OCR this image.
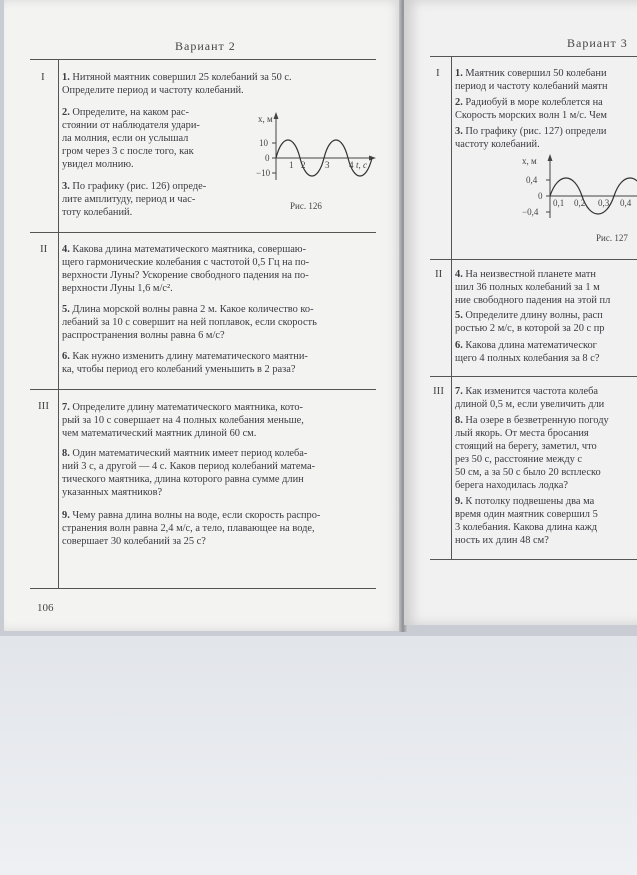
Вариант 2
I 1. Нитяной маятник совершил 25 колебаний за 50 с.
Определите период и частоту колебаний.
2. Определите, на каком рас-
стоянии от наблюдателя удари-
ла молния, если он услышал
гром через 3 с после того, как
увидел молнию.
3. По графику (рис. 126) опреде-
лите амплитуду, период и час-
тоту колебаний.
x, м
10
0
−10
1 2 3 4 t, с
Рис. 126
II 4. Какова длина математического маятника, совершаю-
щего гармонические колебания с частотой 0,5 Гц на по-
верхности Луны? Ускорение свободного падения на по-
верхности Луны 1,6 м/с².
5. Длина морской волны равна 2 м. Какое количество ко-
лебаний за 10 с совершит на ней поплавок, если скорость
распространения волны равна 6 м/с?
6. Как нужно изменить длину математического маятни-
ка, чтобы период его колебаний уменьшить в 2 раза?
III 7. Определите длину математического маятника, кото-
рый за 10 с совершает на 4 полных колебания меньше,
чем математический маятник длиной 60 см.
8. Один математический маятник имеет период колеба-
ний 3 с, а другой — 4 с. Каков период колебаний матема-
тического маятника, длина которого равна сумме длин
указанных маятников?
9. Чему равна длина волны на воде, если скорость распро-
странения волн равна 2,4 м/с, а тело, плавающее на воде,
совершает 30 колебаний за 25 с?
106
Вариант 3
I 1. Маятник совершил 50 колебани
период и частоту колебаний маятн
2. Радиобуй в море колеблется на
Скорость морских волн 1 м/с. Чем
3. По графику (рис. 127) определи
частоту колебаний.
x, м
0,4
0
−0,4
0,1 0,2 0,3 0,4
Рис. 127
II 4. На неизвестной планете матн
шил 36 полных колебаний за 1 м
ние свободного падения на этой пл
5. Определите длину волны, расп
ростью 2 м/с, в которой за 20 с пр
6. Какова длина математическог
щего 4 полных колебания за 8 с?
III 7. Как изменится частота колеба
длиной 0,5 м, если увеличить дли
8. На озере в безветренную погоду
лый якорь. От места бросания
стоящий на берегу, заметил, что
рез 50 с, расстояние между с
50 см, а за 50 с было 20 всплеско
берега находилась лодка?
9. К потолку подвешены два ма
время один маятник совершил 5
3 колебания. Какова длина кажд
ность их длин 48 см?
